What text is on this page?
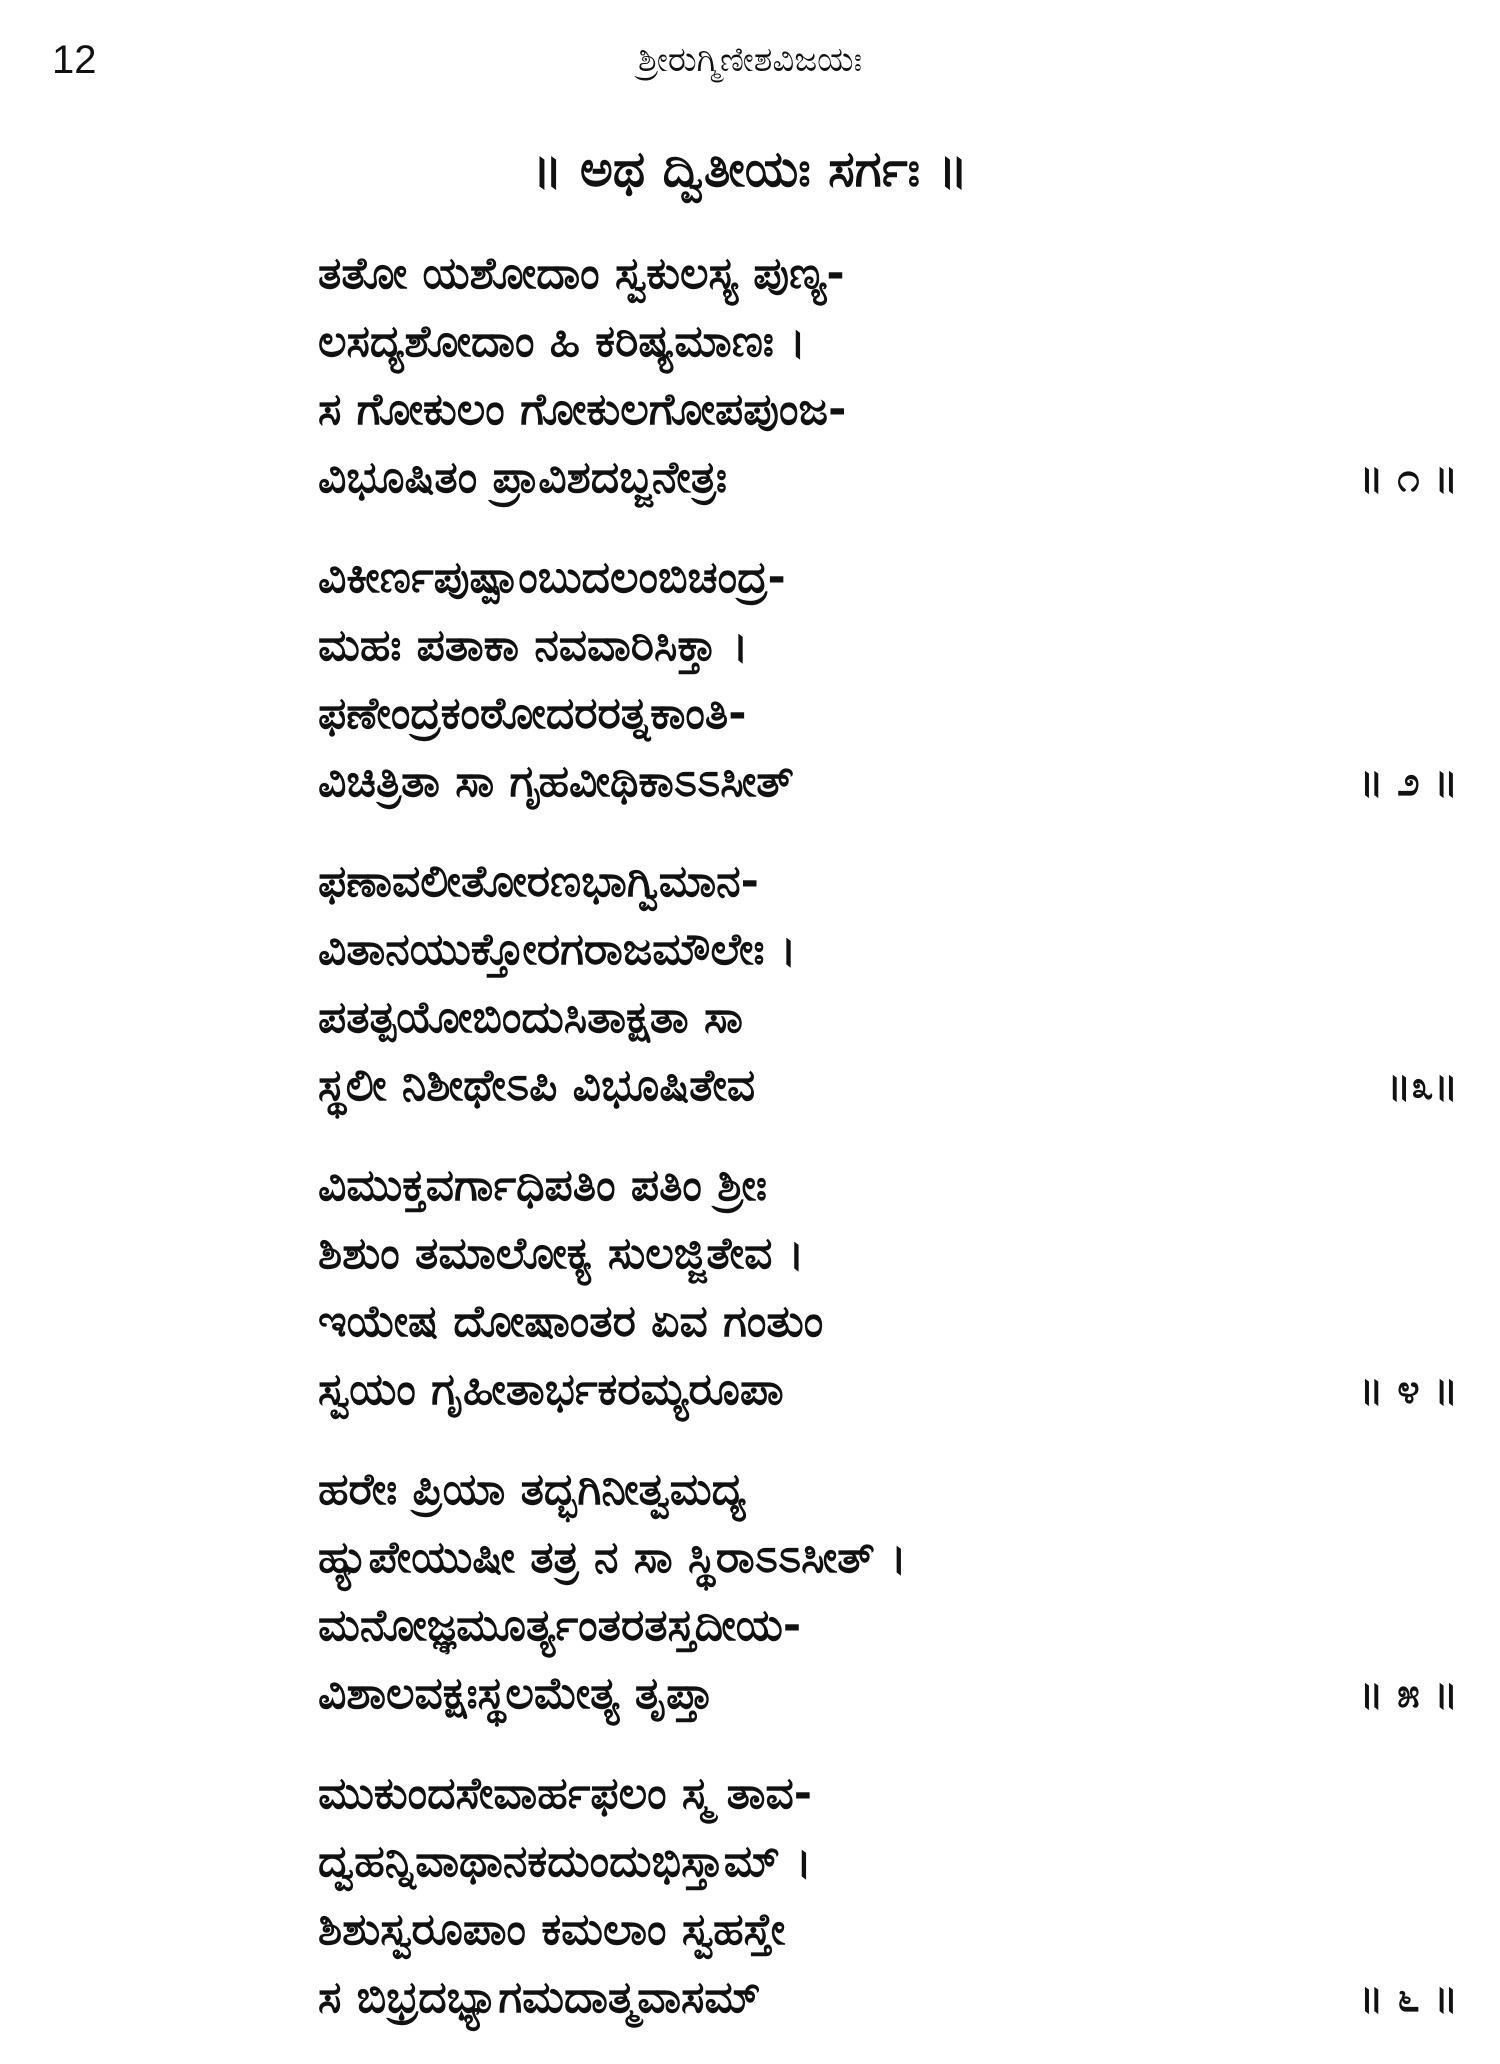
12	ಶ್ರೀರುಗ್ಮಿಣೀಶವಿಜಯಃ
॥ ಅಥ ದ್ವಿತೀಯಃ ಸರ್ಗಃ ॥
ತತೋ ಯಶೋದಾಂ ಸ್ವಕುಲಸ್ಯ ಪುಣ್ಯ-
ಲಸದ್ಯಶೋದಾಂ ಹಿ ಕರಿಷ್ಯಮಾಣಃ ।
ಸ ಗೋಕುಲಂ ಗೋಕುಲಗೋಪಪುಂಜ-
ವಿಭೂಷಿತಂ ಪ್ರಾವಿಶದಬ್ಜನೇತ್ರಃ	॥ ೧ ॥
ವಿಕೀರ್ಣಪುಷ್ಪಾಂಬುದಲಂಬಿಚಂದ್ರ-
ಮಹಃ ಪತಾಕಾ ನವವಾರಿಸಿಕ್ತಾ ।
ಫಣೇಂದ್ರಕಂಠೋದರರತ್ನಕಾಂತಿ-
ವಿಚಿತ್ರಿತಾ ಸಾ ಗೃಹವೀಥಿಕಾಽಽಸೀತ್	॥ ೨ ॥
ಫಣಾವಲೀತೋರಣಭಾಗ್ವಿಮಾನ-
ವಿತಾನಯುಕ್ತೋರಗರಾಜಮೌಲೇಃ ।
ಪತತ್ಪಯೋಬಿಂದುಸಿತಾಕ್ಷತಾ ಸಾ
ಸ್ಥಲೀ ನಿಶೀಥೇಽಪಿ ವಿಭೂಷಿತೇವ	॥೩॥
ವಿಮುಕ್ತವರ್ಗಾಧಿಪತಿಂ ಪತಿಂ ಶ್ರೀಃ
ಶಿಶುಂ ತಮಾಲೋಕ್ಯ ಸುಲಜ್ಜಿತೇವ ।
ಇಯೇಷ ದೋಷಾಂತರ ಏವ ಗಂತುಂ
ಸ್ವಯಂ ಗೃಹೀತಾರ್ಭಕರಮ್ಯರೂಪಾ	॥ ೪ ॥
ಹರೇಃ ಪ್ರಿಯಾ ತದ್ಭಗಿನೀತ್ವಮದ್ಯ
ಹ್ಯುಪೇಯುಷೀ ತತ್ರ ನ ಸಾ ಸ್ಥಿರಾಽಽಸೀತ್ ।
ಮನೋಜ್ಞಮೂರ್ತ್ಯಂತರತಸ್ತದೀಯ-
ವಿಶಾಲವಕ್ಷಃಸ್ಥಲಮೇತ್ಯ ತೃಪ್ತಾ	॥ ೫ ॥
ಮುಕುಂದಸೇವಾರ್ಹಫಲಂ ಸ್ಮ ತಾವ-
ದ್ವಹನ್ನಿವಾಥಾನಕದುಂದುಭಿಸ್ತಾಮ್ ।
ಶಿಶುಸ್ವರೂಪಾಂ ಕಮಲಾಂ ಸ್ವಹಸ್ತೇ
ಸ ಬಿಭ್ರದಭ್ಯಾಗಮದಾತ್ಮವಾಸಮ್	॥ ೬ ॥
